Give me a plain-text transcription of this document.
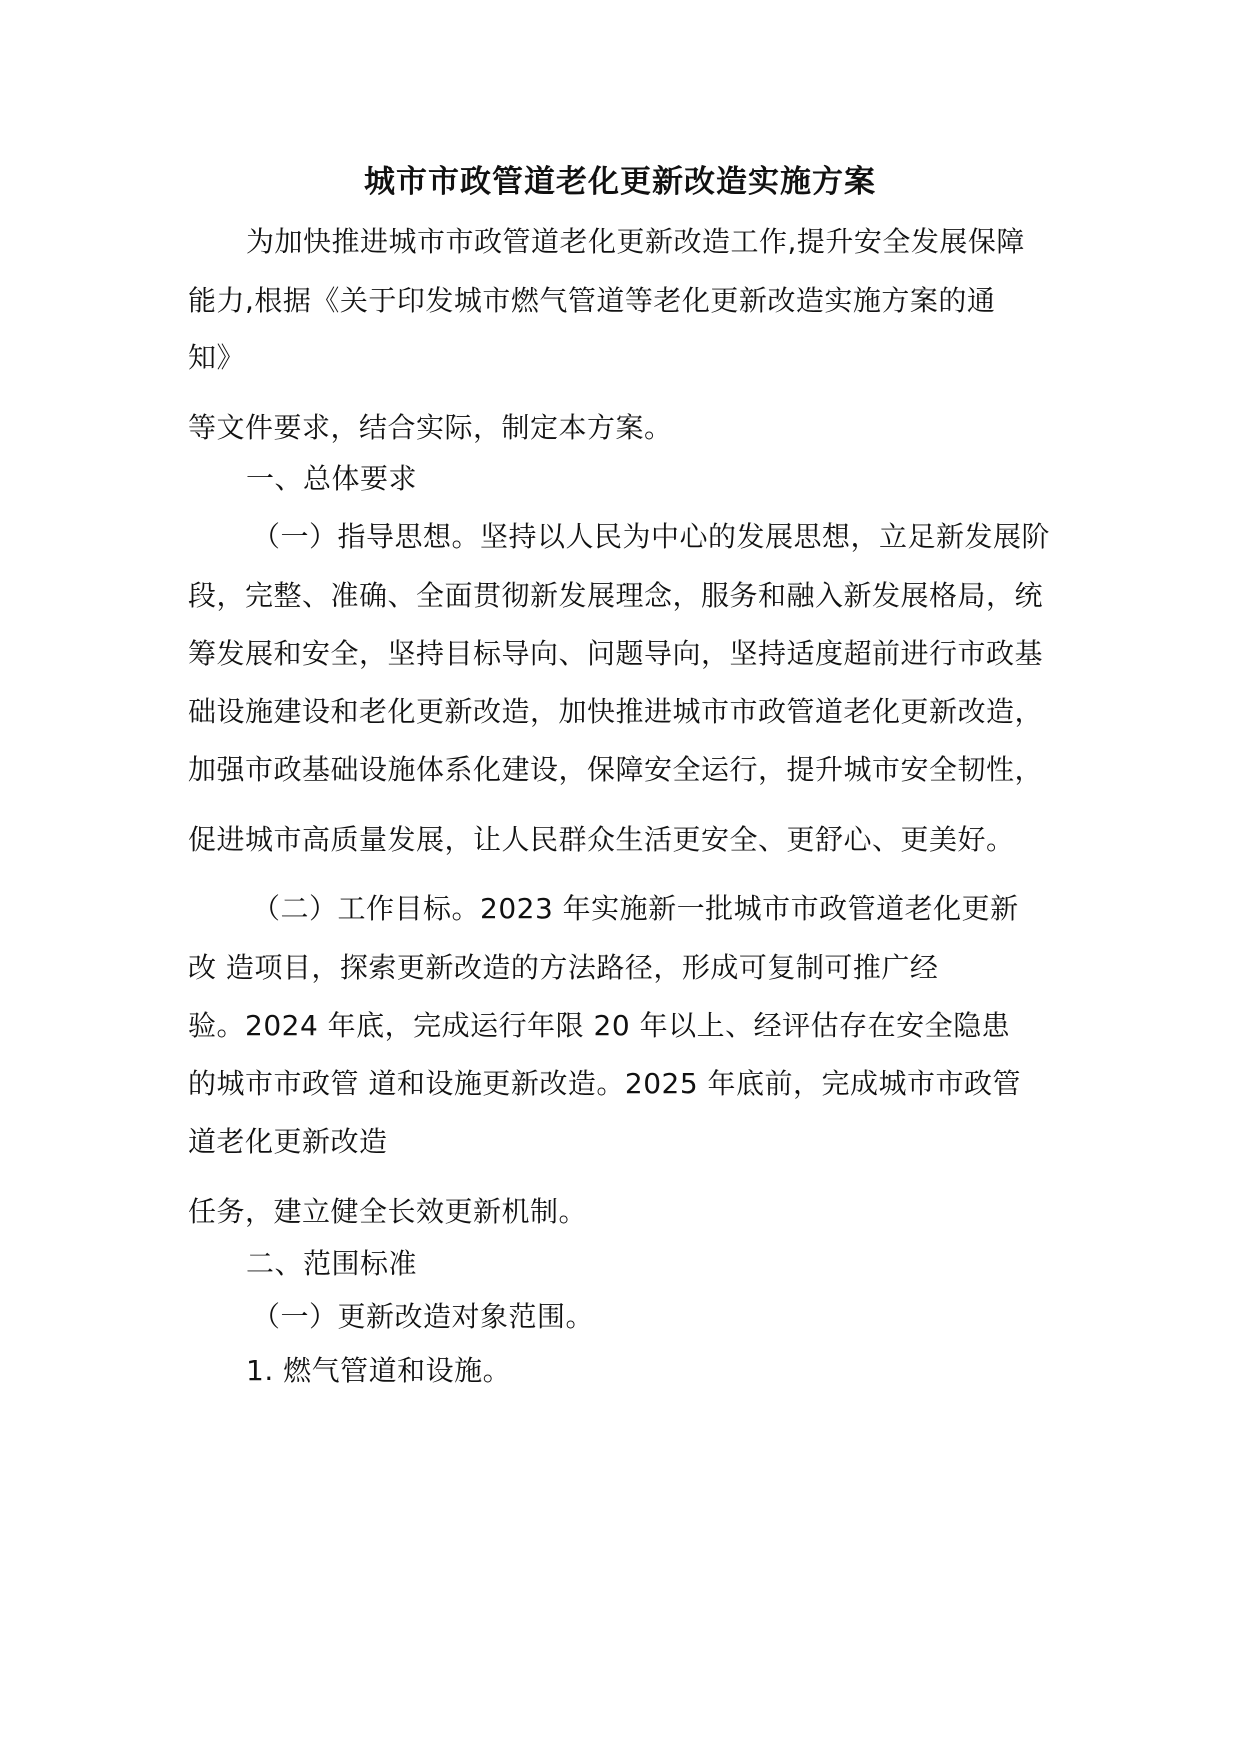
城市市政管道老化更新改造实施方案
为加快推进城市市政管道老化更新改造工作,提升安全发展保障
能力,根据《关于印发城市燃气管道等老化更新改造实施方案的通
知》
等文件要求，结合实际，制定本方案。
一、总体要求
（一）指导思想。坚持以人民为中心的发展思想，立足新发展阶
段，完整、准确、全面贯彻新发展理念，服务和融入新发展格局，统
筹发展和安全，坚持目标导向、问题导向，坚持适度超前进行市政基
础设施建设和老化更新改造，加快推进城市市政管道老化更新改造，
加强市政基础设施体系化建设，保障安全运行，提升城市安全韧性，
促进城市高质量发展，让人民群众生活更安全、更舒心、更美好。
（二）工作目标。2023 年实施新一批城市市政管道老化更新
改 造项目，探索更新改造的方法路径，形成可复制可推广经
验。2024 年底，完成运行年限 20 年以上、经评估存在安全隐患
的城市市政管 道和设施更新改造。2025 年底前，完成城市市政管
道老化更新改造
任务，建立健全长效更新机制。
二、范围标准
（一）更新改造对象范围。
1. 燃气管道和设施。
